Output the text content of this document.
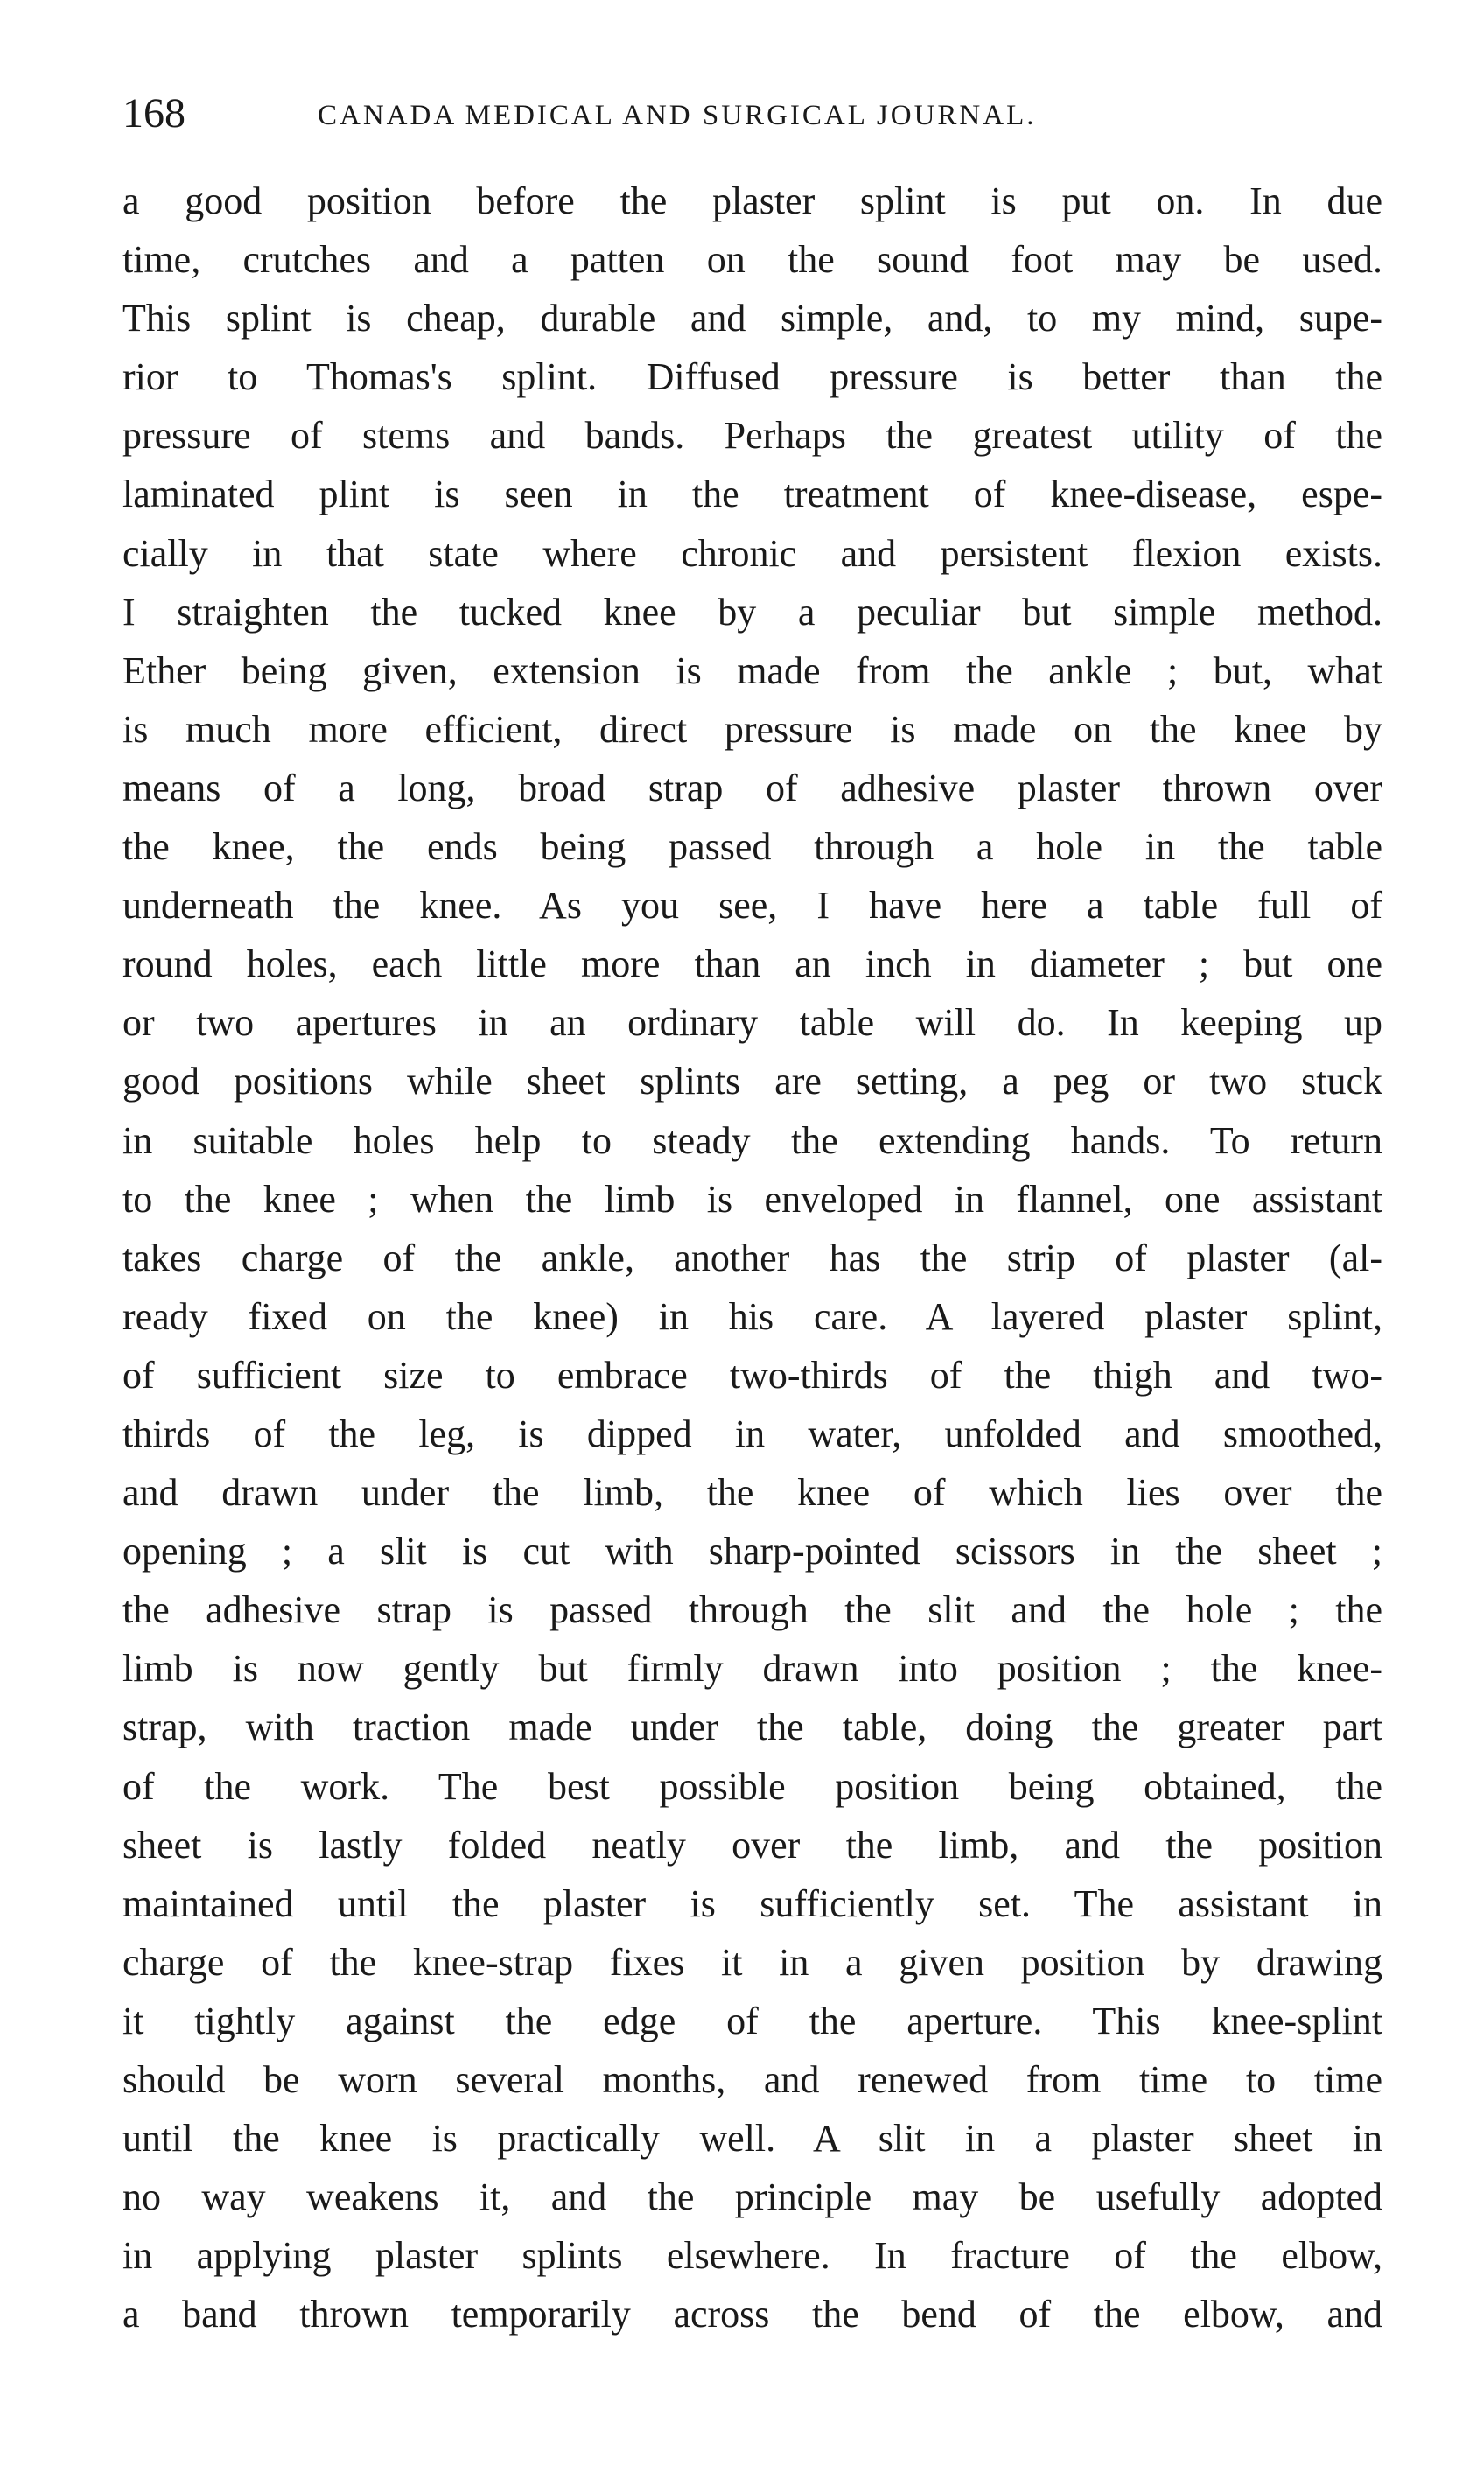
168	CANADA MEDICAL AND SURGICAL JOURNAL.
a good position before the plaster splint is put on. In due
time, crutches and a patten on the sound foot may be used.
This splint is cheap, durable and simple, and, to my mind, supe-
rior to Thomas's splint. Diffused pressure is better than the
pressure of stems and bands. Perhaps the greatest utility of the
laminated plint is seen in the treatment of knee-disease, espe-
cially in that state where chronic and persistent flexion exists.
I straighten the tucked knee by a peculiar but simple method.
Ether being given, extension is made from the ankle ; but, what
is much more efficient, direct pressure is made on the knee by
means of a long, broad strap of adhesive plaster thrown over
the knee, the ends being passed through a hole in the table
underneath the knee. As you see, I have here a table full of
round holes, each little more than an inch in diameter ; but one
or two apertures in an ordinary table will do. In keeping up
good positions while sheet splints are setting, a peg or two stuck
in suitable holes help to steady the extending hands. To return
to the knee ; when the limb is enveloped in flannel, one assistant
takes charge of the ankle, another has the strip of plaster (al-
ready fixed on the knee) in his care. A layered plaster splint,
of sufficient size to embrace two-thirds of the thigh and two-
thirds of the leg, is dipped in water, unfolded and smoothed,
and drawn under the limb, the knee of which lies over the
opening ; a slit is cut with sharp-pointed scissors in the sheet ;
the adhesive strap is passed through the slit and the hole ; the
limb is now gently but firmly drawn into position ; the knee-
strap, with traction made under the table, doing the greater part
of the work. The best possible position being obtained, the
sheet is lastly folded neatly over the limb, and the position
maintained until the plaster is sufficiently set. The assistant in
charge of the knee-strap fixes it in a given position by drawing
it tightly against the edge of the aperture. This knee-splint
should be worn several months, and renewed from time to time
until the knee is practically well. A slit in a plaster sheet in
no way weakens it, and the principle may be usefully adopted
in applying plaster splints elsewhere. In fracture of the elbow,
a band thrown temporarily across the bend of the elbow, and
